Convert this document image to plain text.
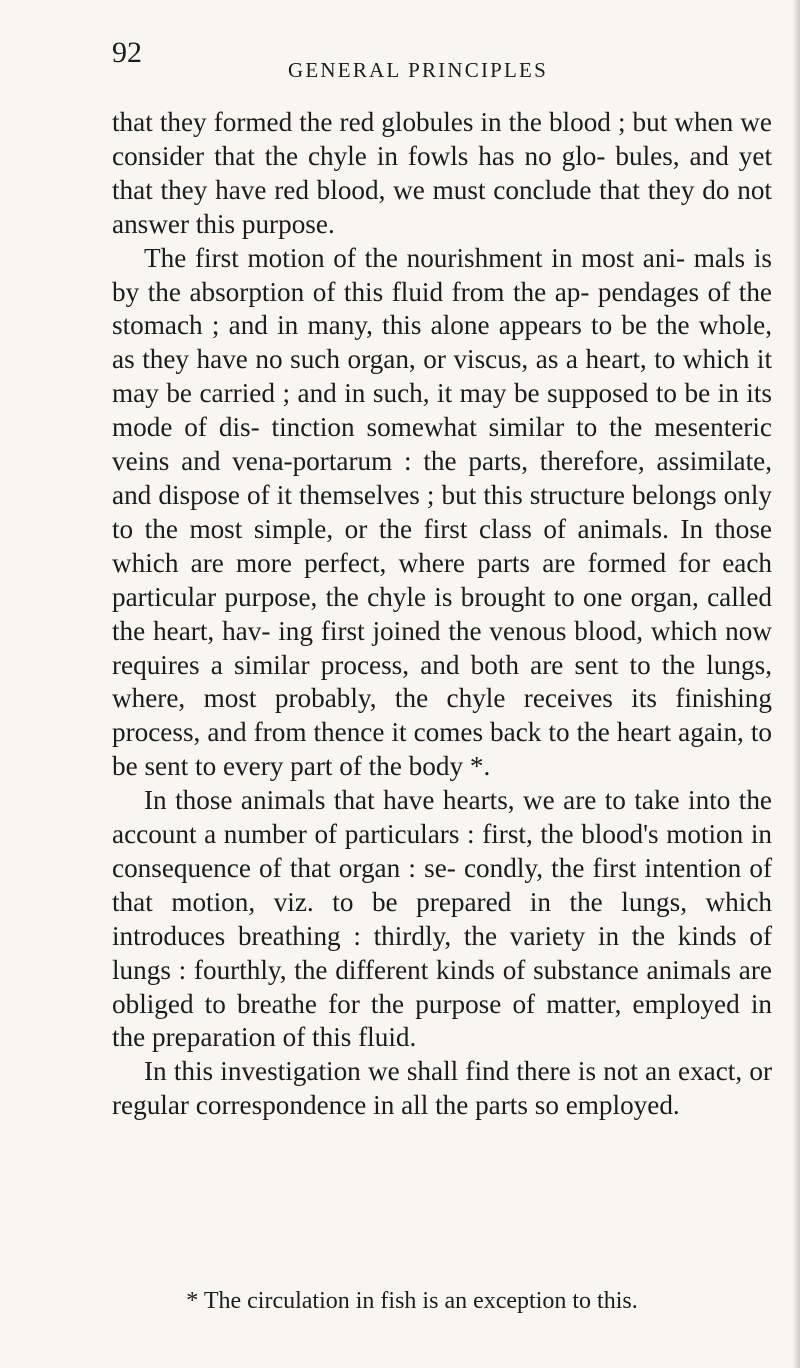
92

GENERAL PRINCIPLES

that they formed the red globules in the blood ; but when we consider that the chyle in fowls has no glo- bules, and yet that they have red blood, we must conclude that they do not answer this purpose.

The first motion of the nourishment in most ani- mals is by the absorption of this fluid from the ap- pendages of the stomach ; and in many, this alone appears to be the whole, as they have no such organ, or viscus, as a heart, to which it may be carried ; and in such, it may be supposed to be in its mode of dis- tinction somewhat similar to the mesenteric veins and vena-portarum : the parts, therefore, assimilate, and dispose of it themselves ; but this structure belongs only to the most simple, or the first class of animals. In those which are more perfect, where parts are formed for each particular purpose, the chyle is brought to one organ, called the heart, hav- ing first joined the venous blood, which now requires a similar process, and both are sent to the lungs, where, most probably, the chyle receives its finishing process, and from thence it comes back to the heart again, to be sent to every part of the body *.

In those animals that have hearts, we are to take into the account a number of particulars : first, the blood's motion in consequence of that organ : se- condly, the first intention of that motion, viz. to be prepared in the lungs, which introduces breathing : thirdly, the variety in the kinds of lungs : fourthly, the different kinds of substance animals are obliged to breathe for the purpose of matter, employed in the preparation of this fluid.

In this investigation we shall find there is not an exact, or regular correspondence in all the parts so employed.

* The circulation in fish is an exception to this.
